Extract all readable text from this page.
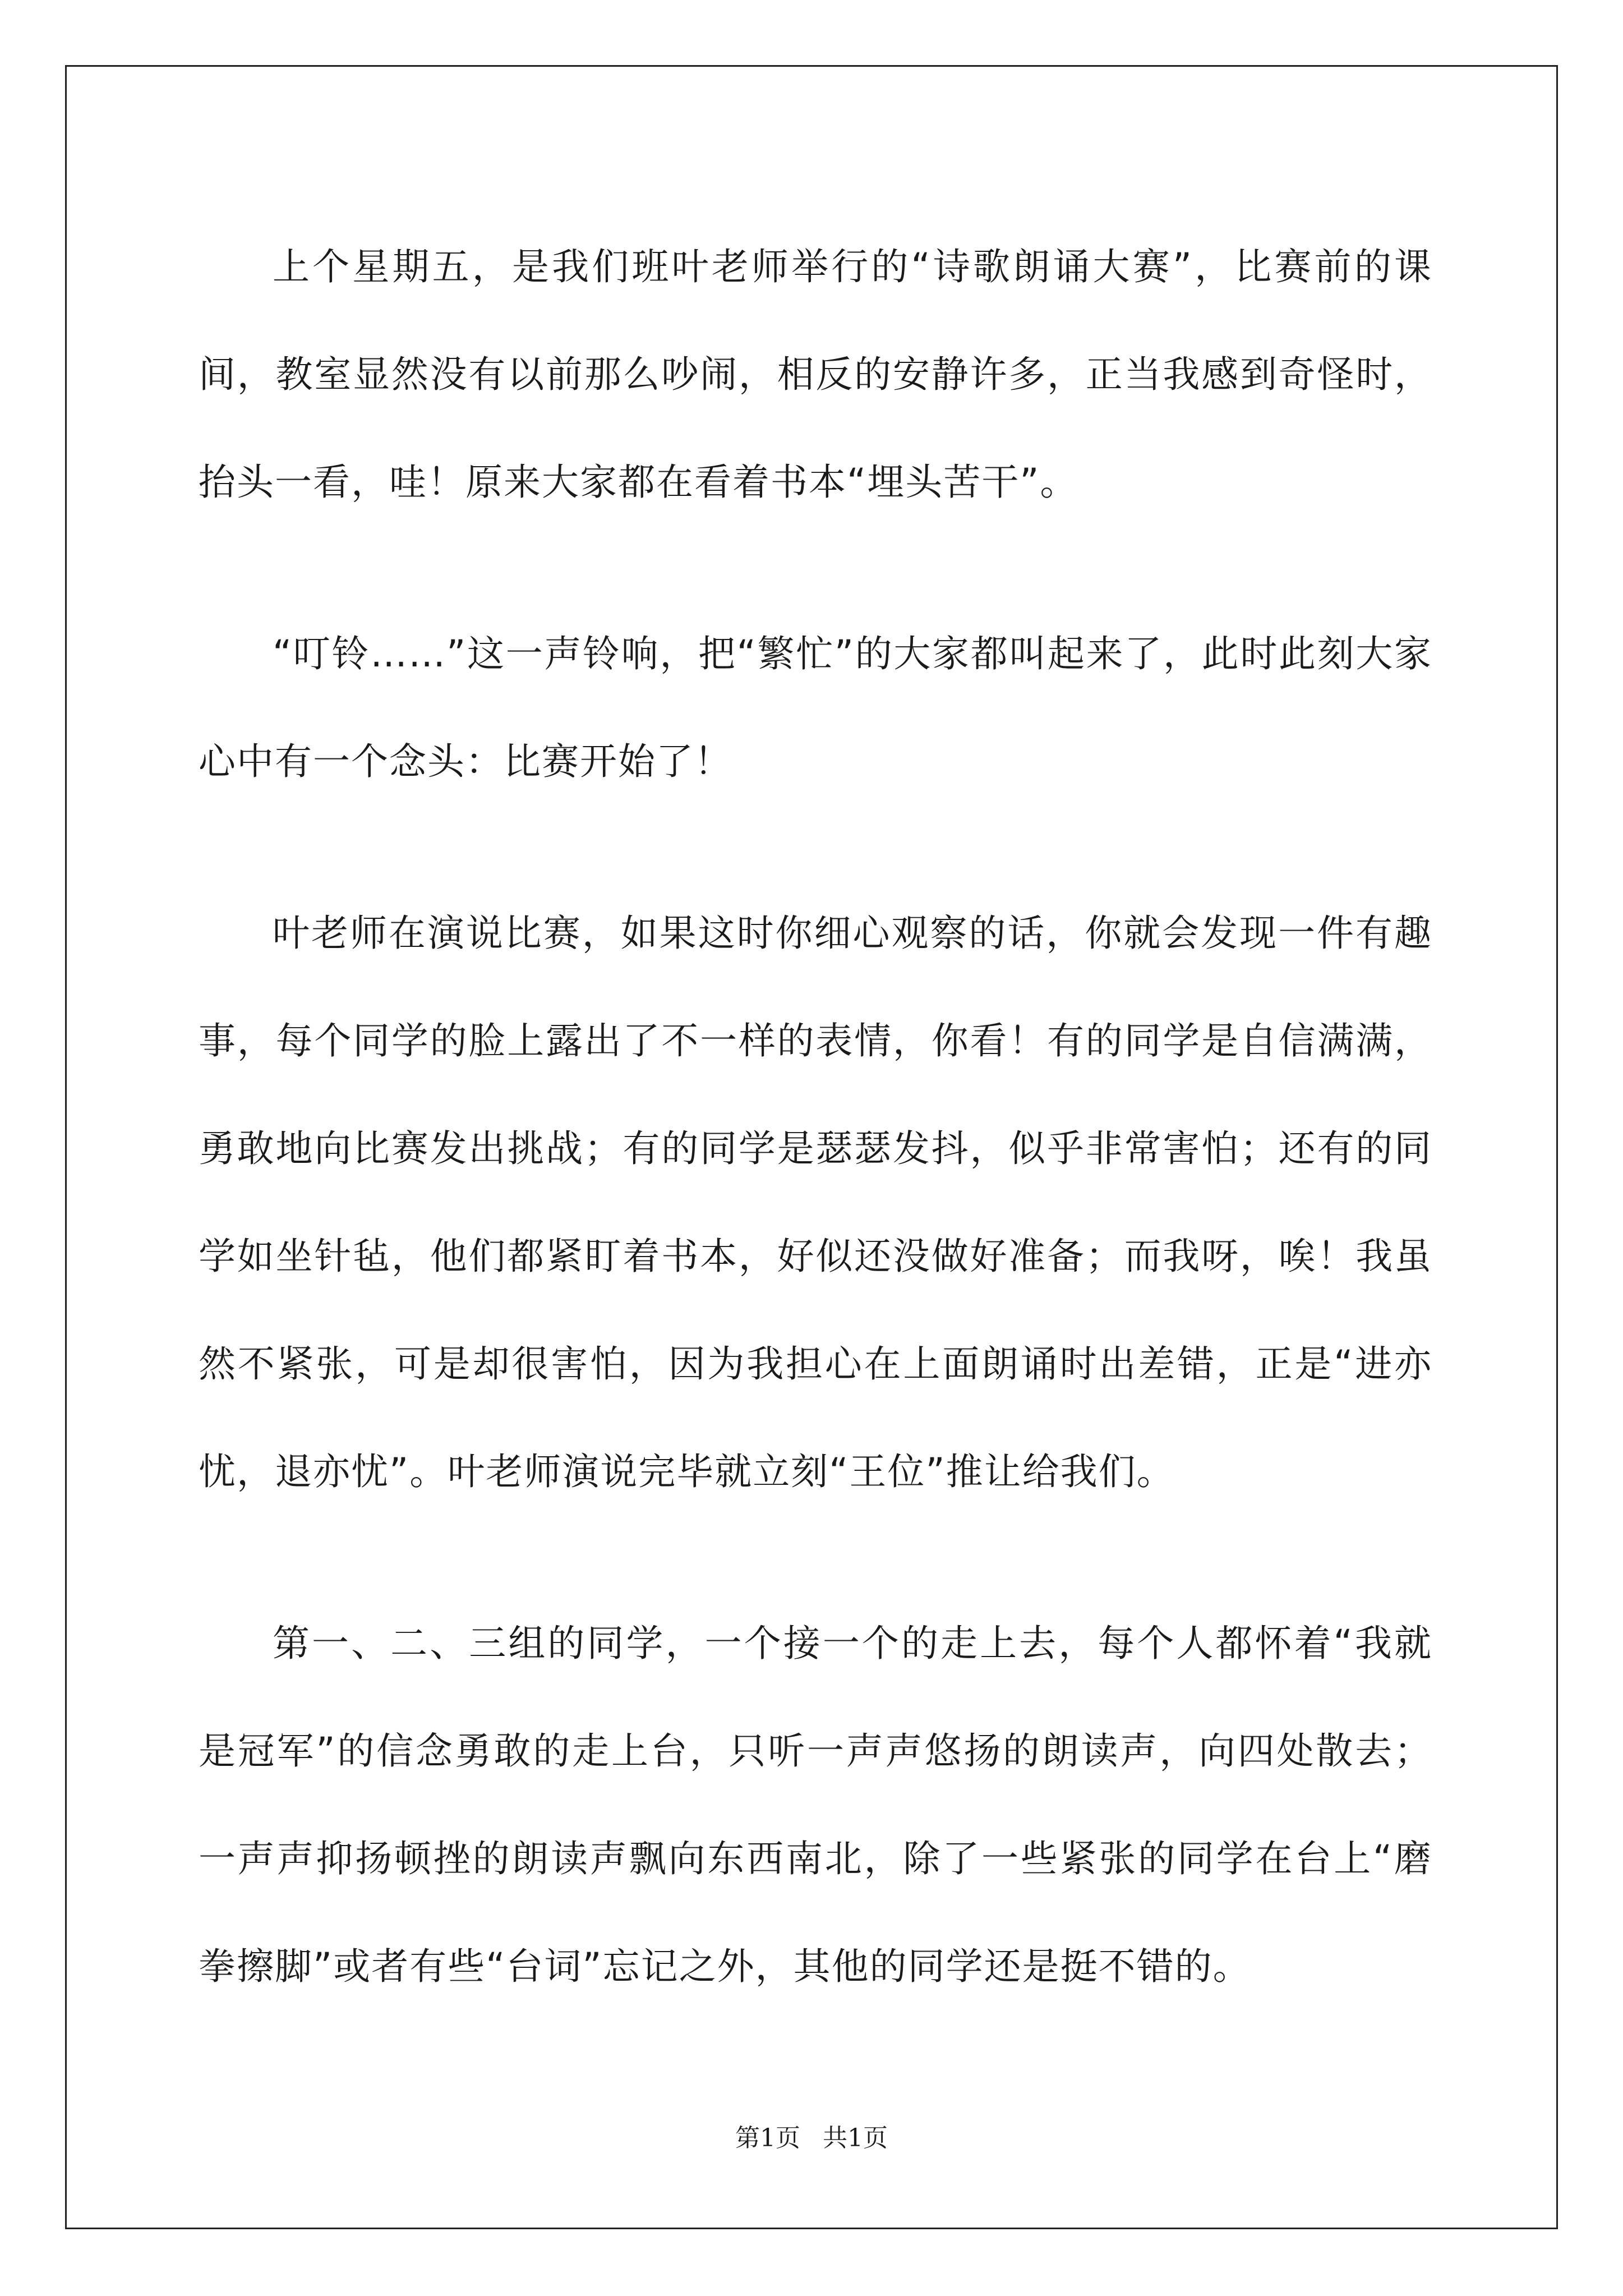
上个星期五，是我们班叶老师举行的“诗歌朗诵大赛”，比赛前的课间，教室显然没有以前那么吵闹，相反的安静许多，正当我感到奇怪时，抬头一看，哇！原来大家都在看着书本“埋头苦干”。

“叮铃……”这一声铃响，把“繁忙”的大家都叫起来了，此时此刻大家心中有一个念头：比赛开始了！

叶老师在演说比赛，如果这时你细心观察的话，你就会发现一件有趣事，每个同学的脸上露出了不一样的表情，你看！有的同学是自信满满，勇敢地向比赛发出挑战；有的同学是瑟瑟发抖，似乎非常害怕；还有的同学如坐针毡，他们都紧盯着书本，好似还没做好准备；而我呀，唉！我虽然不紧张，可是却很害怕，因为我担心在上面朗诵时出差错，正是“进亦忧，退亦忧”。叶老师演说完毕就立刻“王位”推让给我们。

第一、二、三组的同学，一个接一个的走上去，每个人都怀着“我就是冠军”的信念勇敢的走上台，只听一声声悠扬的朗读声，向四处散去；一声声抑扬顿挫的朗读声飘向东西南北，除了一些紧张的同学在台上“磨拳擦脚”或者有些“台词”忘记之外，其他的同学还是挺不错的。

第1页 共1页
